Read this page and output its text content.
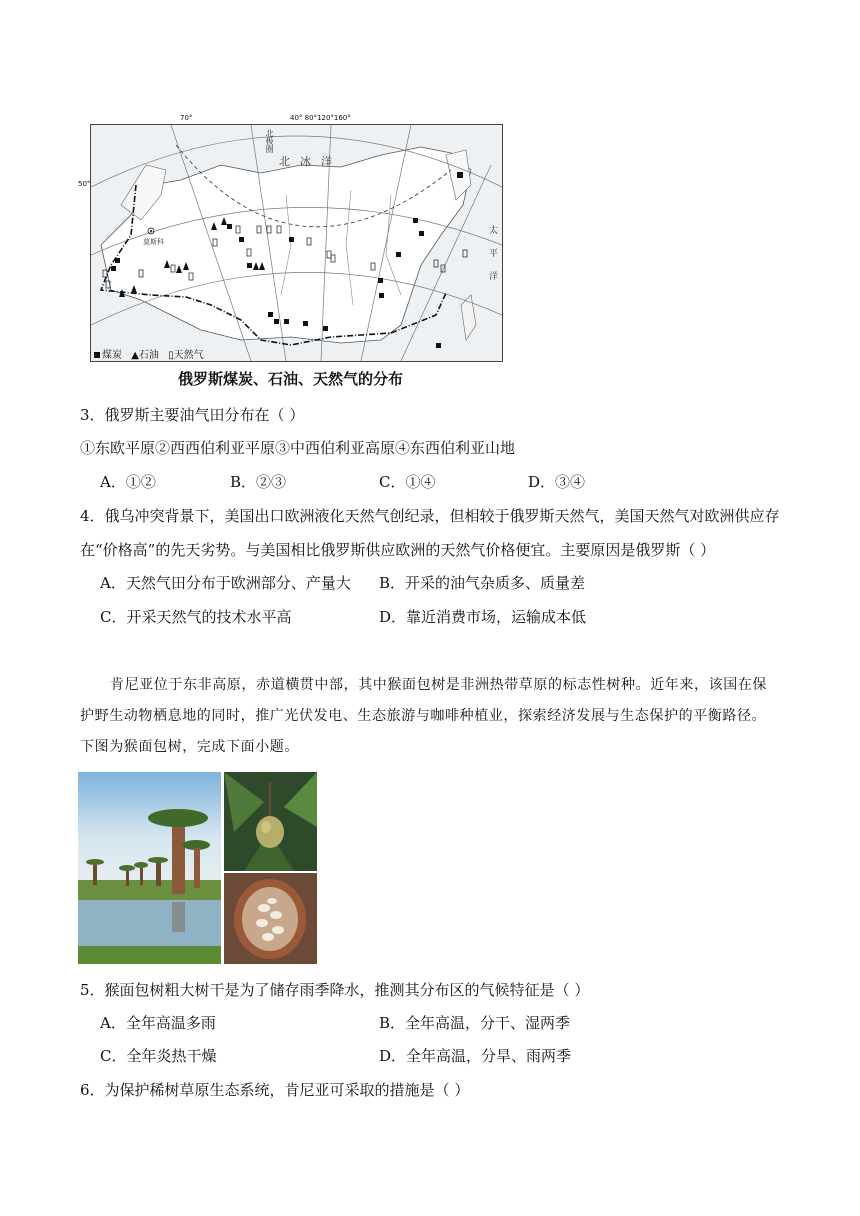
北极圈
北冰洋
太平洋
莫斯科
煤炭 ▲石油 ▯天然气
70°
50°
40° 80°120°160°
俄罗斯煤炭、石油、天然气的分布
3．俄罗斯主要油气田分布在（ ）
①东欧平原②西西伯利亚平原③中西伯利亚高原④东西伯利亚山地
A．①②	B．②③	C．①④	D．③④
4．俄乌冲突背景下，美国出口欧洲液化天然气创纪录，但相较于俄罗斯天然气，美国天然气对欧洲供应存
在“价格高”的先天劣势。与美国相比俄罗斯供应欧洲的天然气价格便宜。主要原因是俄罗斯（ ）
A．天然气田分布于欧洲部分、产量大 B．开采的油气杂质多、质量差
C．开采天然气的技术水平高	D．靠近消费市场，运输成本低
肯尼亚位于东非高原，赤道横贯中部，其中猴面包树是非洲热带草原的标志性树种。近年来，该国在保护野生动物栖息地的同时，推广光伏发电、生态旅游与咖啡种植业，探索经济发展与生态保护的平衡路径。下图为猴面包树，完成下面小题。
5．猴面包树粗大树干是为了储存雨季降水，推测其分布区的气候特征是（ ）
A．全年高温多雨	B．全年高温，分干、湿两季
C．全年炎热干燥	D．全年高温，分旱、雨两季
6．为保护稀树草原生态系统，肯尼亚可采取的措施是（ ）
